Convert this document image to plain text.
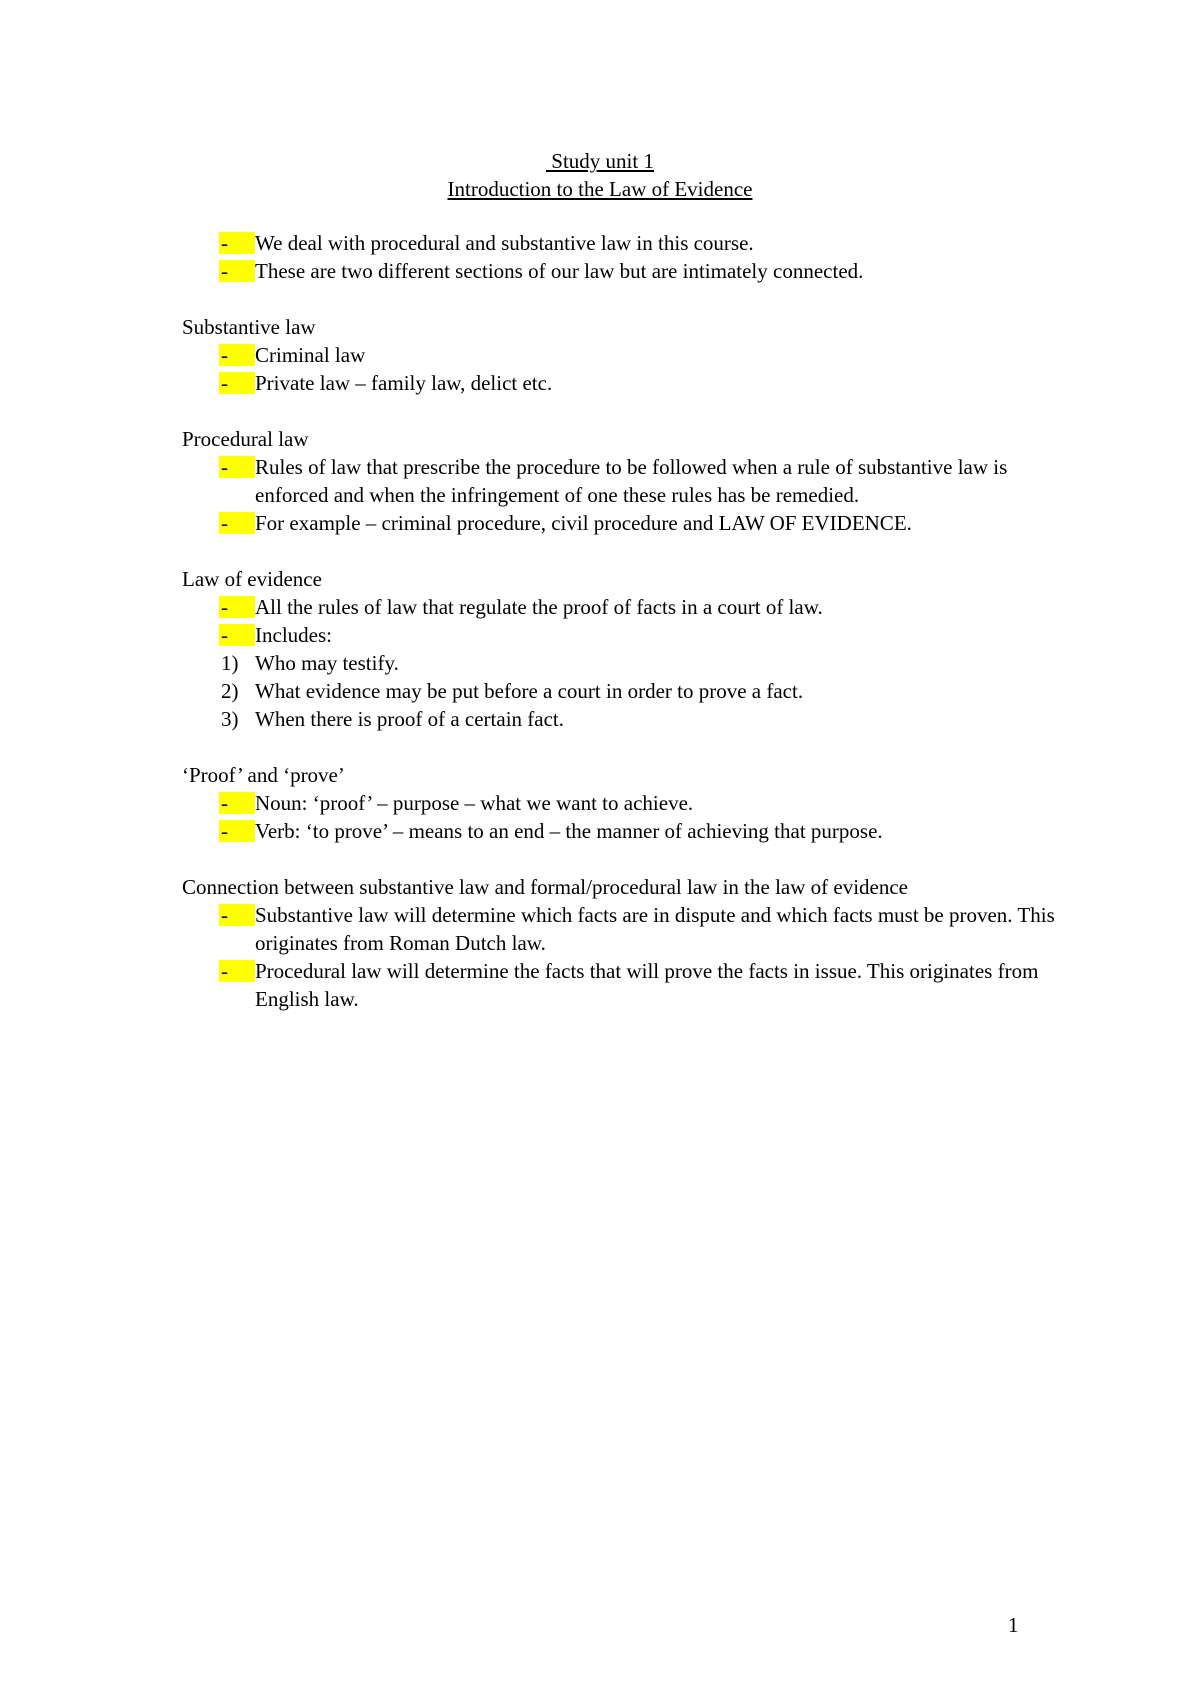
Study unit 1
Introduction to the Law of Evidence
-	We deal with procedural and substantive law in this course.
-	These are two different sections of our law but are intimately connected.
Substantive law
-	Criminal law
-	Private law – family law, delict etc.
Procedural law
-	Rules of law that prescribe the procedure to be followed when a rule of substantive law is enforced and when the infringement of one these rules has be remedied.
-	For example – criminal procedure, civil procedure and LAW OF EVIDENCE.
Law of evidence
-	All the rules of law that regulate the proof of facts in a court of law.
-	Includes:
1) Who may testify.
2) What evidence may be put before a court in order to prove a fact.
3) When there is proof of a certain fact.
‘Proof’ and ‘prove’
-	Noun: ‘proof’ – purpose – what we want to achieve.
-	Verb: ‘to prove’ – means to an end – the manner of achieving that purpose.
Connection between substantive law and formal/procedural law in the law of evidence
-	Substantive law will determine which facts are in dispute and which facts must be proven. This originates from Roman Dutch law.
-	Procedural law will determine the facts that will prove the facts in issue. This originates from English law.
1
